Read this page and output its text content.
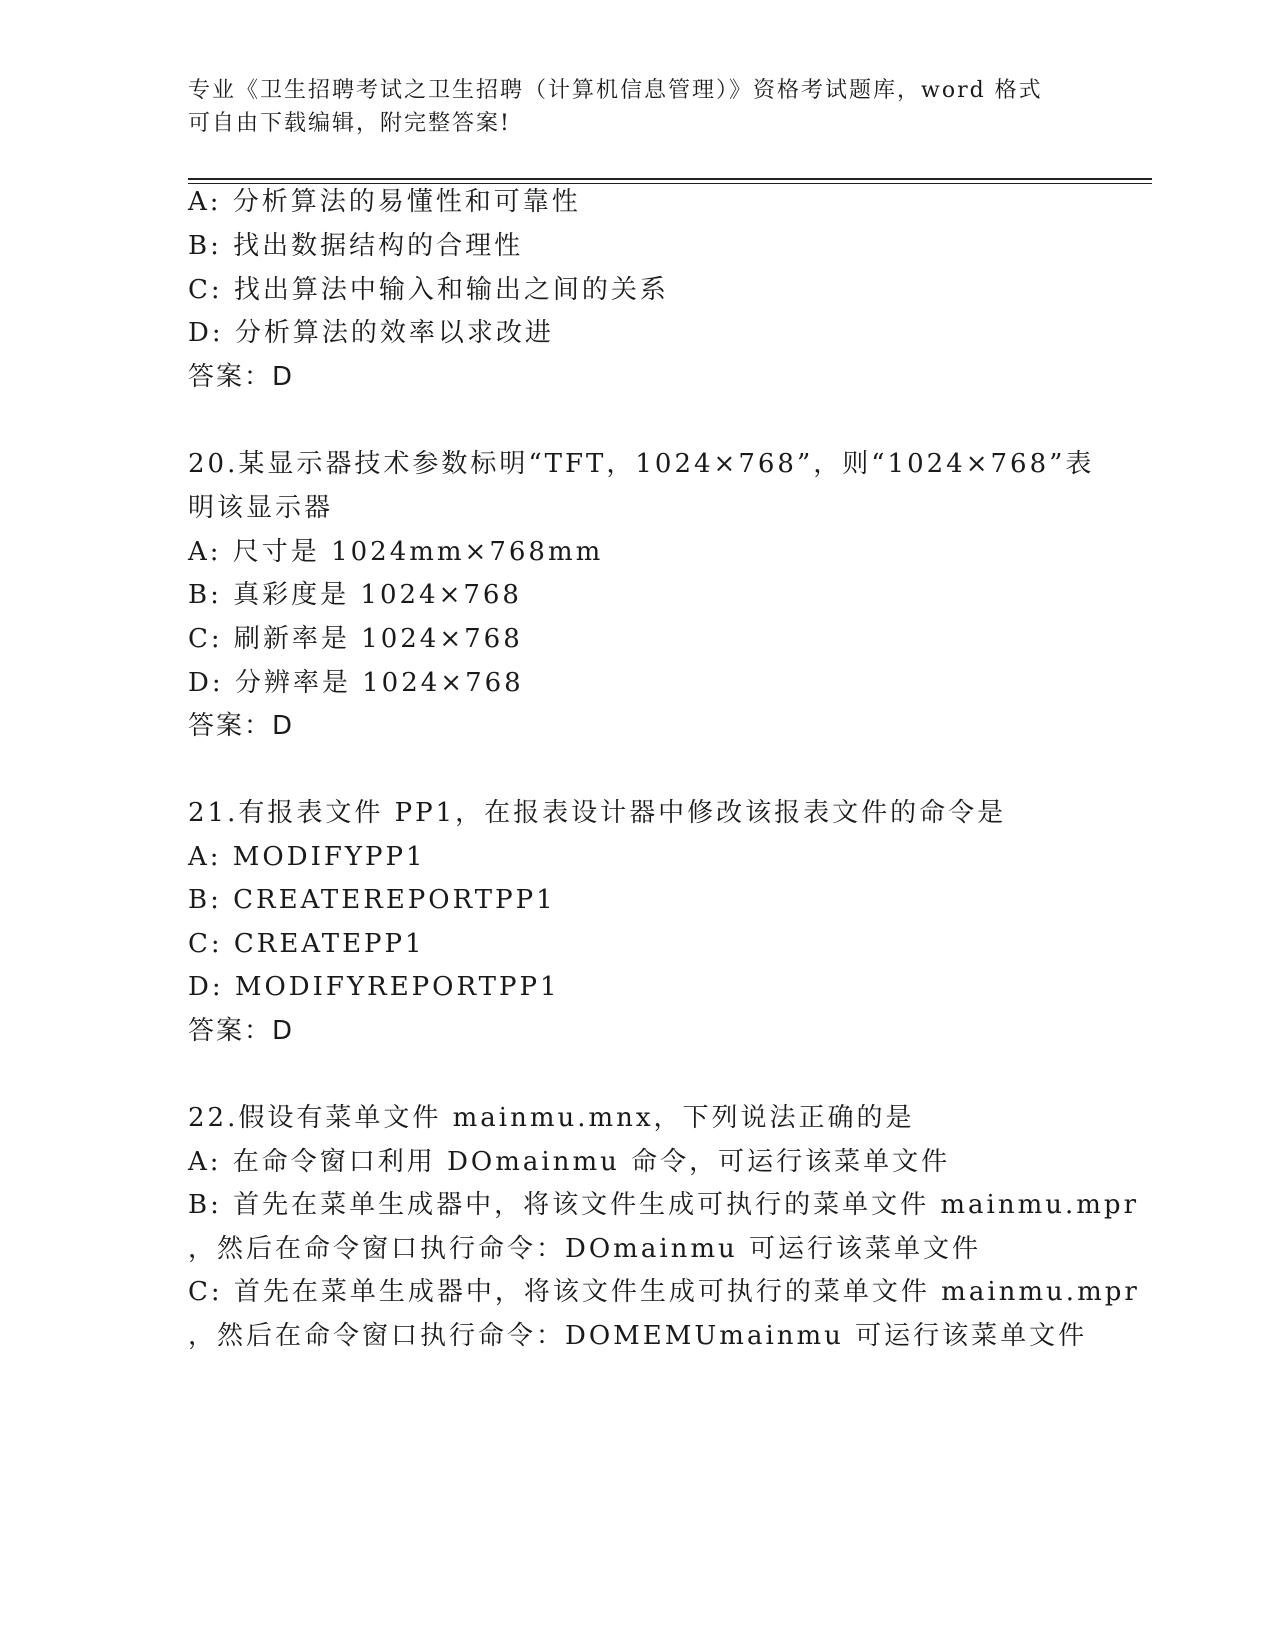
专业《卫生招聘考试之卫生招聘（计算机信息管理）》资格考试题库，word 格式
可自由下载编辑，附完整答案!
A: 分析算法的易懂性和可靠性
B: 找出数据结构的合理性
C: 找出算法中输入和输出之间的关系
D: 分析算法的效率以求改进
答案：D
20.某显示器技术参数标明“TFT，1024×768”，则“1024×768”表
明该显示器
A: 尺寸是 1024mm×768mm
B: 真彩度是 1024×768
C: 刷新率是 1024×768
D: 分辨率是 1024×768
答案：D
21.有报表文件 PP1，在报表设计器中修改该报表文件的命令是
A: MODIFYPP1
B: CREATEREPORTPP1
C: CREATEPP1
D: MODIFYREPORTPP1
答案：D
22.假设有菜单文件 mainmu.mnx，下列说法正确的是
A: 在命令窗口利用 DOmainmu 命令，可运行该菜单文件
B: 首先在菜单生成器中，将该文件生成可执行的菜单文件 mainmu.mpr
，然后在命令窗口执行命令：DOmainmu 可运行该菜单文件
C: 首先在菜单生成器中，将该文件生成可执行的菜单文件 mainmu.mpr
，然后在命令窗口执行命令：DOMEMUmainmu 可运行该菜单文件
